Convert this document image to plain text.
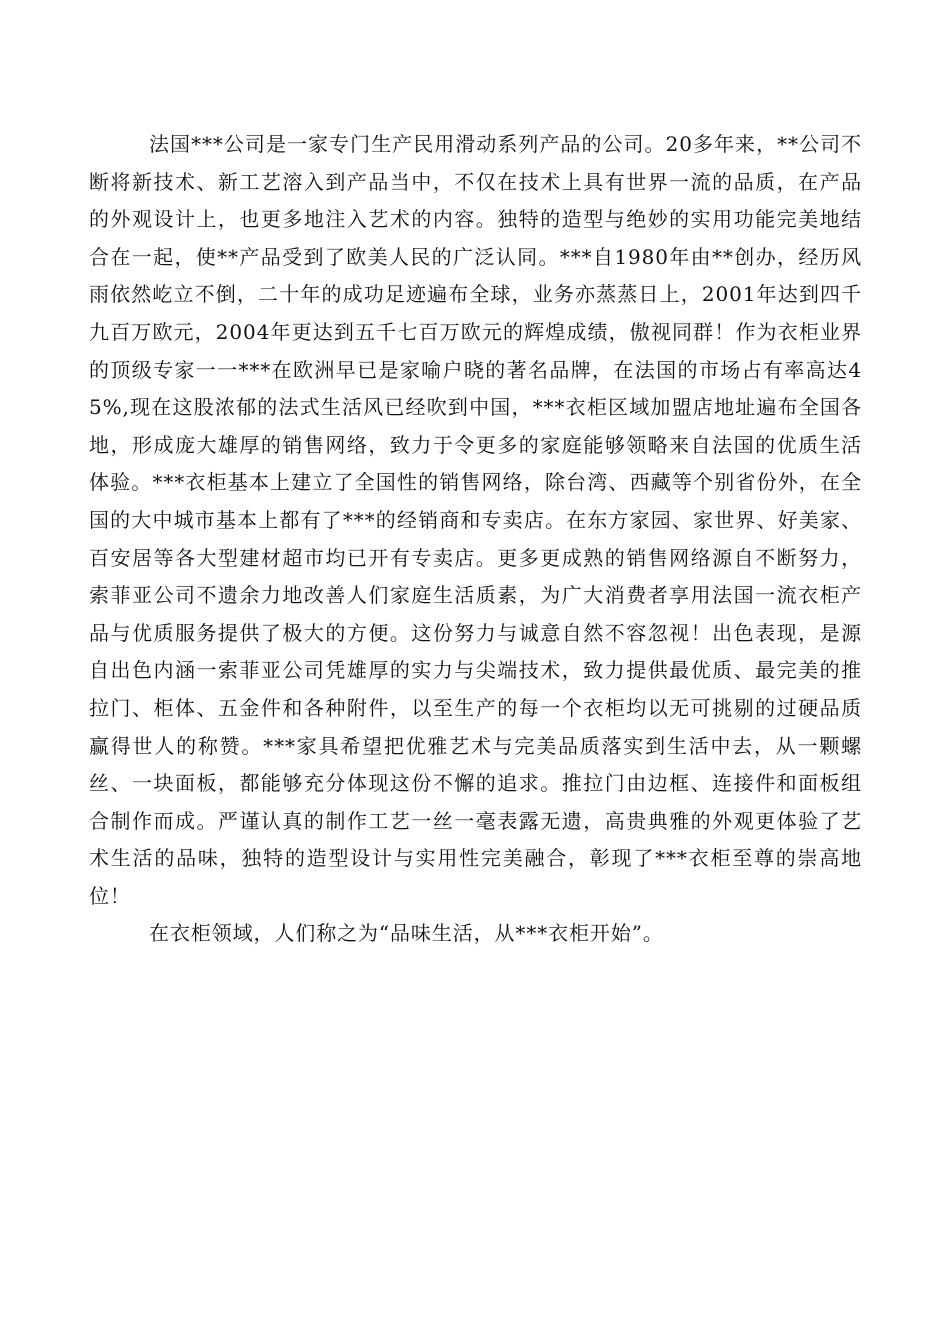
法国***公司是一家专门生产民用滑动系列产品的公司。20多年来，**公司不断将新技术、新工艺溶入到产品当中，不仅在技术上具有世界一流的品质，在产品的外观设计上，也更多地注入艺术的内容。独特的造型与绝妙的实用功能完美地结合在一起，使**产品受到了欧美人民的广泛认同。***自1980年由**创办，经历风雨依然屹立不倒，二十年的成功足迹遍布全球，业务亦蒸蒸日上，2001年达到四千九百万欧元，2004年更达到五千七百万欧元的辉煌成绩，傲视同群！作为衣柜业界的顶级专家一一***在欧洲早已是家喻户晓的著名品牌，在法国的市场占有率高达45%,现在这股浓郁的法式生活风已经吹到中国，***衣柜区域加盟店地址遍布全国各地，形成庞大雄厚的销售网络，致力于令更多的家庭能够领略来自法国的优质生活体验。***衣柜基本上建立了全国性的销售网络，除台湾、西藏等个别省份外，在全国的大中城市基本上都有了***的经销商和专卖店。在东方家园、家世界、好美家、百安居等各大型建材超市均已开有专卖店。更多更成熟的销售网络源自不断努力，索菲亚公司不遗余力地改善人们家庭生活质素，为广大消费者享用法国一流衣柜产品与优质服务提供了极大的方便。这份努力与诚意自然不容忽视！出色表现，是源自出色内涵一索菲亚公司凭雄厚的实力与尖端技术，致力提供最优质、最完美的推拉门、柜体、五金件和各种附件，以至生产的每一个衣柜均以无可挑剔的过硬品质赢得世人的称赞。***家具希望把优雅艺术与完美品质落实到生活中去，从一颗螺丝、一块面板，都能够充分体现这份不懈的追求。推拉门由边框、连接件和面板组合制作而成。严谨认真的制作工艺一丝一毫表露无遗，高贵典雅的外观更体验了艺术生活的品味，独特的造型设计与实用性完美融合，彰现了***衣柜至尊的崇高地位！

在衣柜领域，人们称之为“品味生活，从***衣柜开始”。
